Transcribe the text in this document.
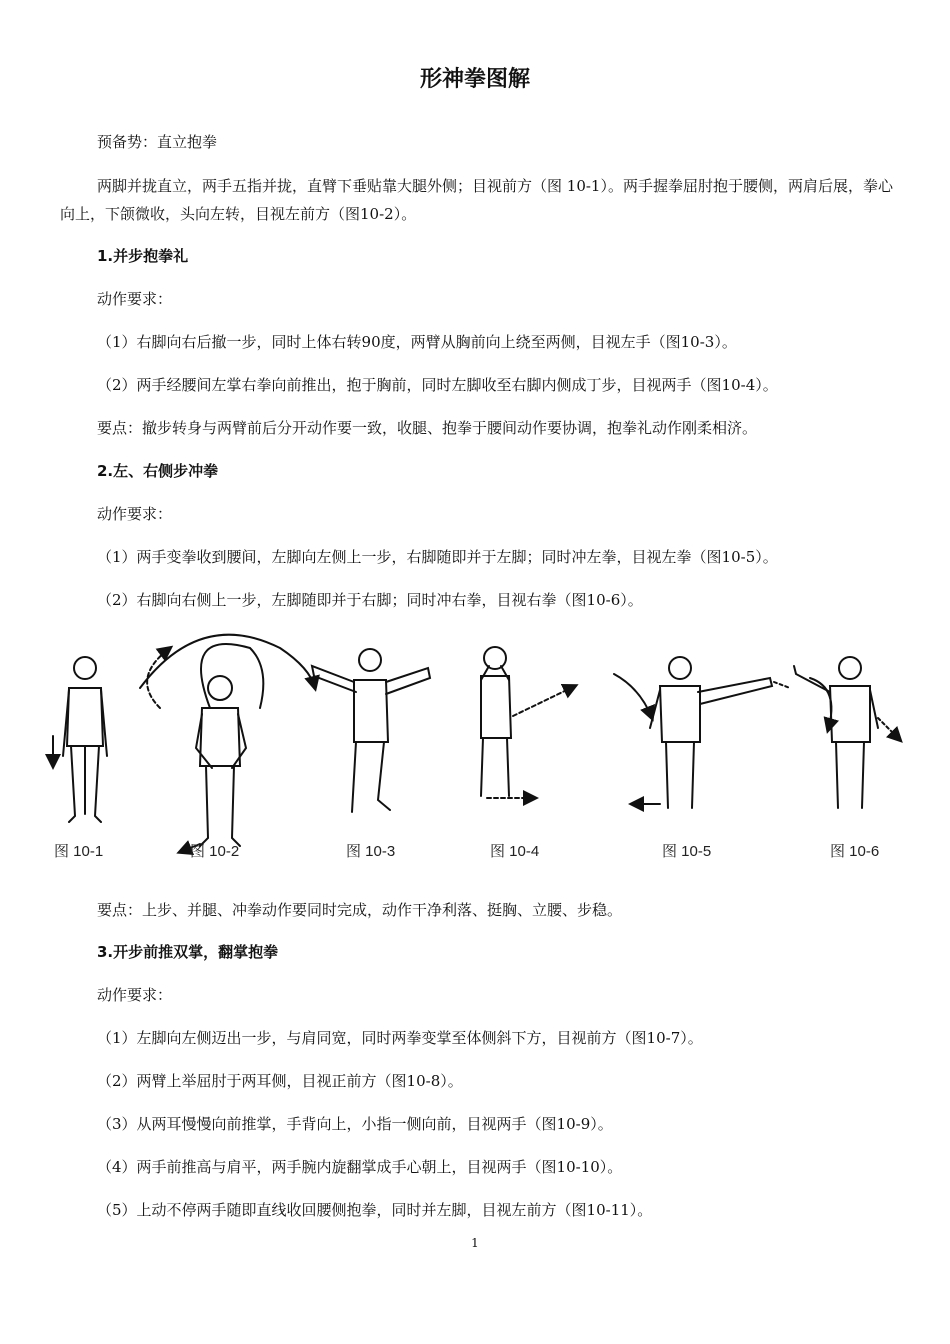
形神拳图解
预备势：直立抱拳
两脚并拢直立，两手五指并拢，直臂下垂贴靠大腿外侧；目视前方（图 10-1）。两手握拳屈肘抱于腰侧，两肩后展，拳心向上，下颌微收，头向左转，目视左前方（图10-2）。
1.并步抱拳礼
动作要求：
（1）右脚向右后撤一步，同时上体右转90度，两臂从胸前向上绕至两侧，目视左手（图10-3）。
（2）两手经腰间左掌右拳向前推出，抱于胸前，同时左脚收至右脚内侧成丁步，目视两手（图10-4）。
要点：撤步转身与两臂前后分开动作要一致，收腿、抱拳于腰间动作要协调，抱拳礼动作刚柔相济。
2.左、右侧步冲拳
动作要求：
（1）两手变拳收到腰间，左脚向左侧上一步，右脚随即并于左脚；同时冲左拳，目视左拳（图10-5）。
（2）右脚向右侧上一步，左脚随即并于右脚；同时冲右拳，目视右拳（图10-6）。
图 10-1	图 10-2	图 10-3	图 10-4	图 10-5	图 10-6
要点：上步、并腿、冲拳动作要同时完成，动作干净利落、挺胸、立腰、步稳。
3.开步前推双掌，翻掌抱拳
动作要求：
（1）左脚向左侧迈出一步，与肩同宽，同时两拳变掌至体侧斜下方，目视前方（图10-7）。
（2）两臂上举屈肘于两耳侧，目视正前方（图10-8）。
（3）从两耳慢慢向前推掌，手背向上，小指一侧向前，目视两手（图10-9）。
（4）两手前推高与肩平，两手腕内旋翻掌成手心朝上，目视两手（图10-10）。
（5）上动不停两手随即直线收回腰侧抱拳，同时并左脚，目视左前方（图10-11）。
1
